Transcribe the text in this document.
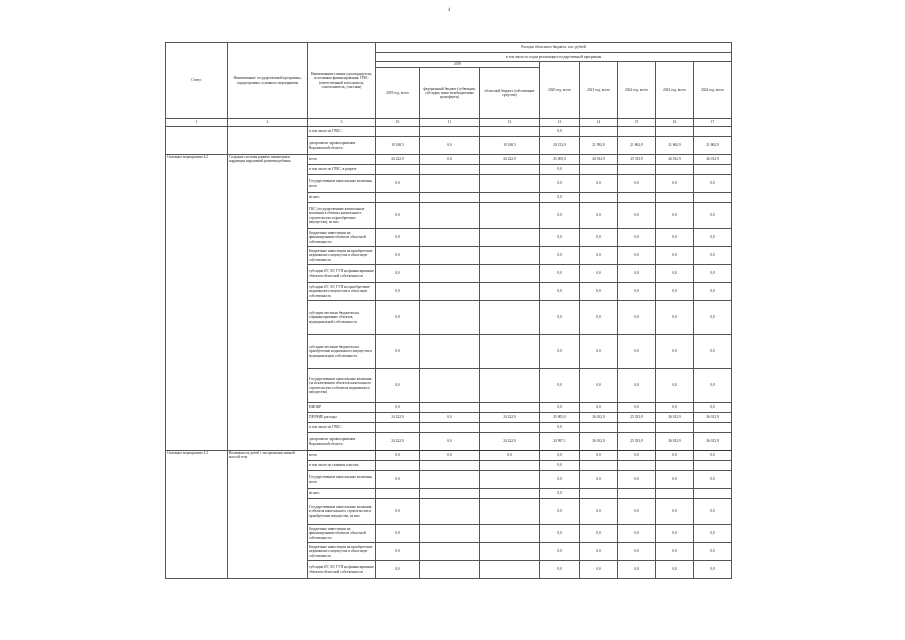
4
Статус	Наименование государственной программы, подпрограммы, основного мероприятия	Наименование главного распорядителя, источников финансирования, ГРБС (ответственный исполнитель, соисполнитель, участник)	Расходы областного бюджета, тыс. рублей							
			в том числе по годам реализации государственной программы							
			2019			2020 год, всего	2021 год, всего	2022 год, всего	2023 год, всего	2024 год, всего
			2019 год, всего	федеральный бюджет (субвенции, субсидии, иные межбюджетные трансферты)	областной бюджет (собственные средства)					
1	2	3	10	11	12	13	14	15	16	17
		в том числе по ГРБС:				0,0				
		департамент здравоохранения Воронежской области	10 168,5	0,0	10 168,5	20 152,9	21 092,9	21 862,9	21 862,9	21 862,9
Основное мероприятие 4.2	Создание системы раннего выявления и коррекции нарушений развития ребенка	всего	24 222,9	0,0	24 222,9	25 005,0	26 012,9	25 333,9	26 012,9	26 012,9
		в том числе по ГРБС: в разрезе				0,0				
		Государственные капитальные вложения, всего	0,0			0,0	0,0	0,0	0,0	0,0
		из них:				0,0				
		ГКС (государственные капитальные вложения в объекты капитального строительства и приобретение имущества), из них	0,0			0,0	0,0	0,0	0,0	0,0
		Бюджетные инвестиции на финансирование объектов областной собственности	0,0			0,0	0,0	0,0	0,0	0,0
		Бюджетные инвестиции на приобретение недвижимого имущества в областную собственность	0,0			0,0	0,0	0,0	0,0	0,0
		субсидии БУ, АУ, ГУП на финансирование объектов областной собственности	0,0			0,0	0,0	0,0	0,0	0,0
		субсидии БУ, АУ, ГУП на приобретение недвижимого имущества в областную собственность	0,0			0,0	0,0	0,0	0,0	0,0
		субсидии местным бюджетам на софинансирование объектов муниципальной собственности	0,0			0,0	0,0	0,0	0,0	0,0
		субсидии местным бюджетам на приобретение недвижимого имущества в муниципальную собственность	0,0			0,0	0,0	0,0	0,0	0,0
		Государственные капитальные вложения (за исключением объектов капитального строительства и объектов недвижимого имущества)	0,0			0,0	0,0	0,0	0,0	0,0
		НИОКР	0,0			0,0	0,0	0,0	0,0	0,0
		ПРОЧИЕ расходы	24 222,9	0,0	24 222,9	25 005,0	26 012,9	25 333,9	26 012,9	26 012,9
		в том числе по ГРБС:				0,0				
		департамент здравоохранения Воронежской области	24 222,9	0,0	24 222,9	24 997,1	26 012,9	25 333,9	26 012,9	26 012,9
Основное мероприятие 4.3	Возможность детей с экстремально низкой массой тела	всего	0,0	0,0	0,0	0,0	0,0	0,0	0,0	0,0
		в том числе по главным классам				0,0				
		Государственные капитальные вложения, всего	0,0			0,0	0,0	0,0	0,0	0,0
		из них:				0,0				
		Государственные капитальные вложения в объекты капитального строительства и приобретение имущества, из них	0,0			0,0	0,0	0,0	0,0	0,0
		Бюджетные инвестиции на финансирование объектов областной собственности	0,0			0,0	0,0	0,0	0,0	0,0
		Бюджетные инвестиции на приобретение недвижимого имущества в областную собственность	0,0			0,0	0,0	0,0	0,0	0,0
		субсидии БУ, АУ, ГУП на финансирование объектов областной собственности	0,0			0,0	0,0	0,0	0,0	0,0
